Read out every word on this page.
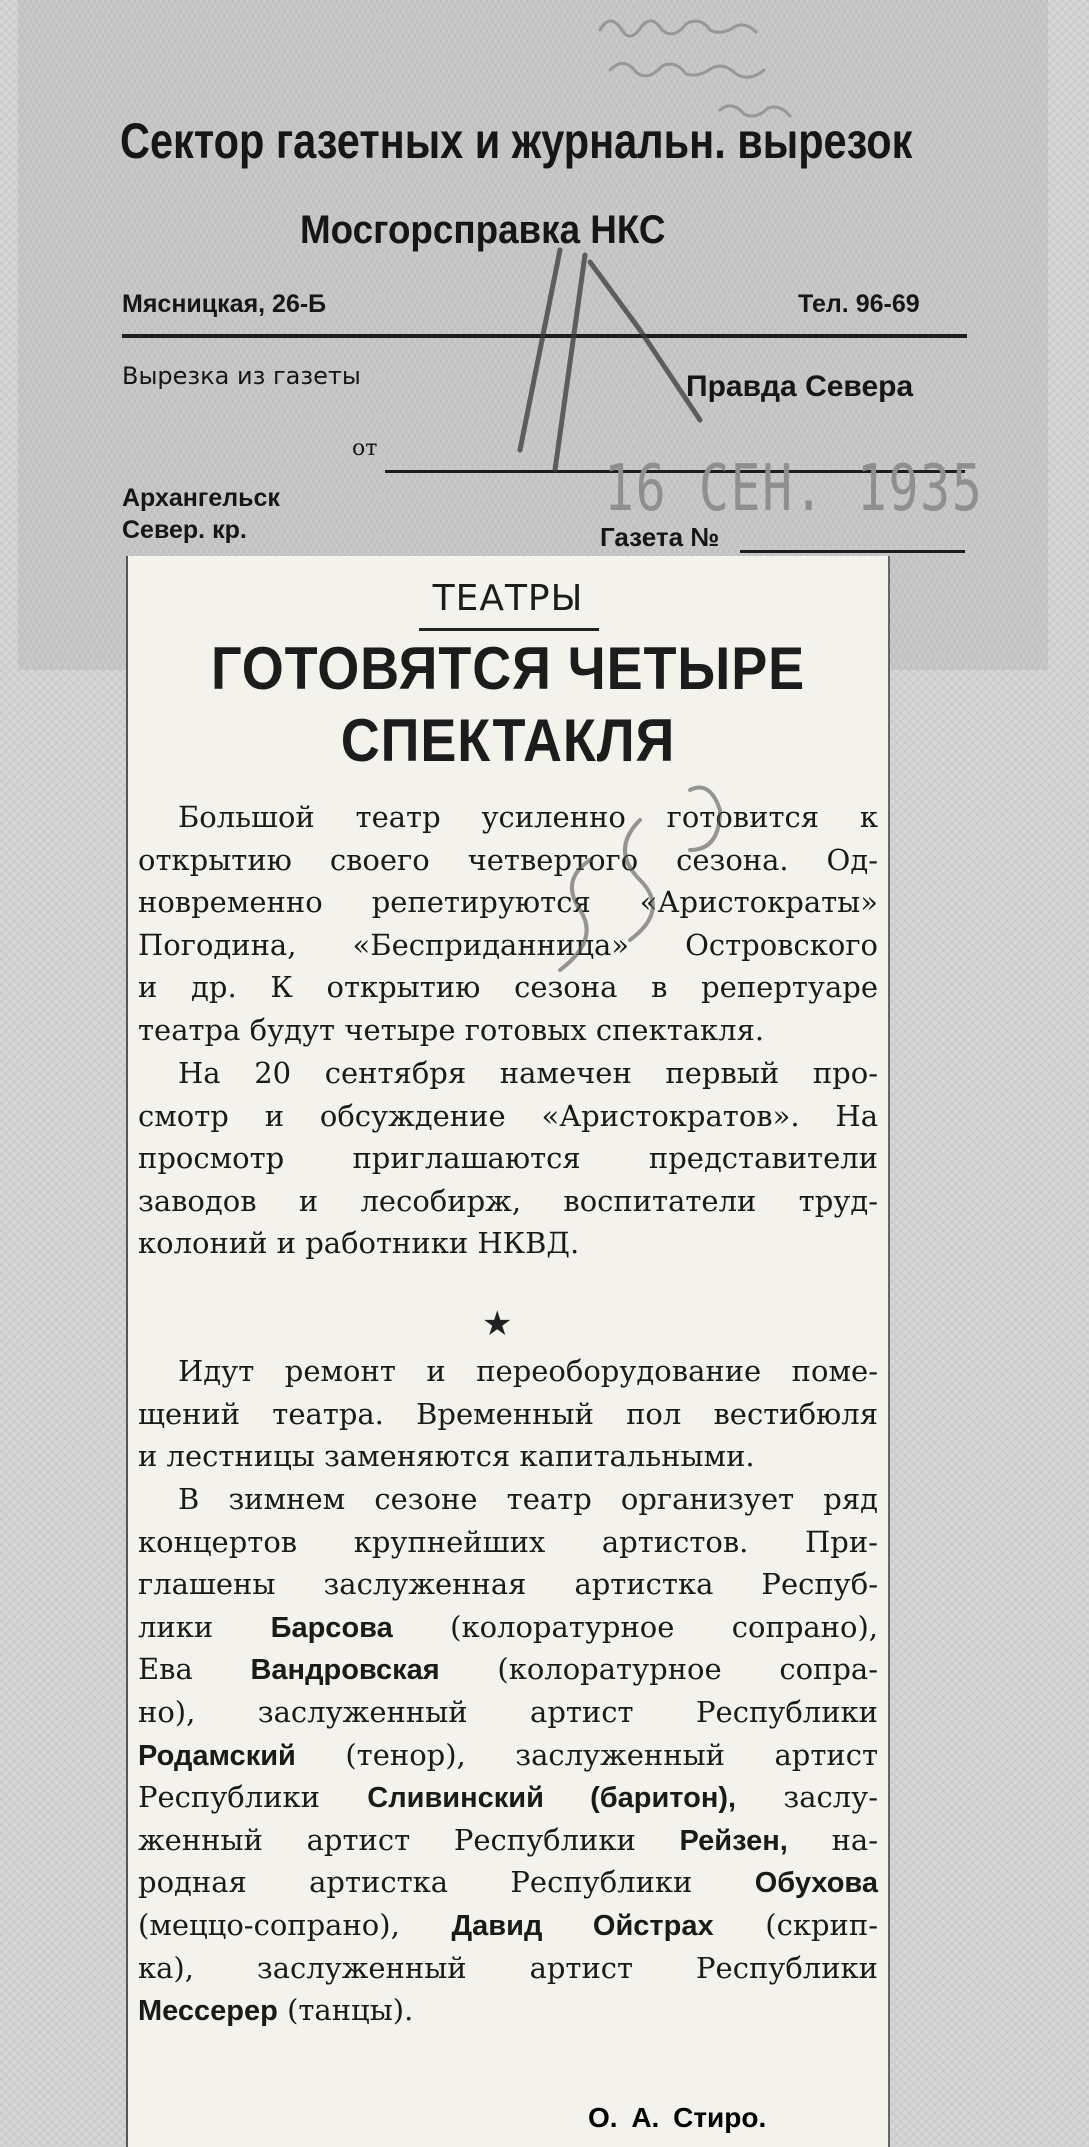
Сектор газетных и журнальн. вырезок
Мосгорсправка НКС
Мясницкая, 26-Б	Тел. 96-69
Вырезка из газеты	Правда Севера
от
16 СЕН. 1935
Архангельск
Север. кр.	Газета №
ТЕАТРЫ
ГОТОВЯТСЯ ЧЕТЫРЕ
СПЕКТАКЛЯ
Большой театр усиленно готовится к
открытию своего четвертого сезона. Од-
новременно репетируются «Аристократы»
Погодина, «Бесприданница» Островского
и др. К открытию сезона в репертуаре
театра будут четыре готовых спектакля.
На 20 сентября намечен первый про-
смотр и обсуждение «Аристократов». На
просмотр приглашаются представители
заводов и лесобирж, воспитатели труд-
колоний и работники НКВД.
★
Идут ремонт и переоборудование поме-
щений театра. Временный пол вестибюля
и лестницы заменяются капитальными.
В зимнем сезоне театр организует ряд
концертов крупнейших артистов. При-
глашены заслуженная артистка Респуб-
лики Барсова (колоратурное сопрано),
Ева Вандровская (колоратурное сопра-
но), заслуженный артист Республики
Родамский (тенор), заслуженный артист
Республики Сливинский (баритон), заслу-
женный артист Республики Рейзен, на-
родная артистка Республики Обухова
(меццо-сопрано), Давид Ойстрах (скрип-
ка), заслуженный артист Республики
Мессерер (танцы).
О. А. Стиро.
